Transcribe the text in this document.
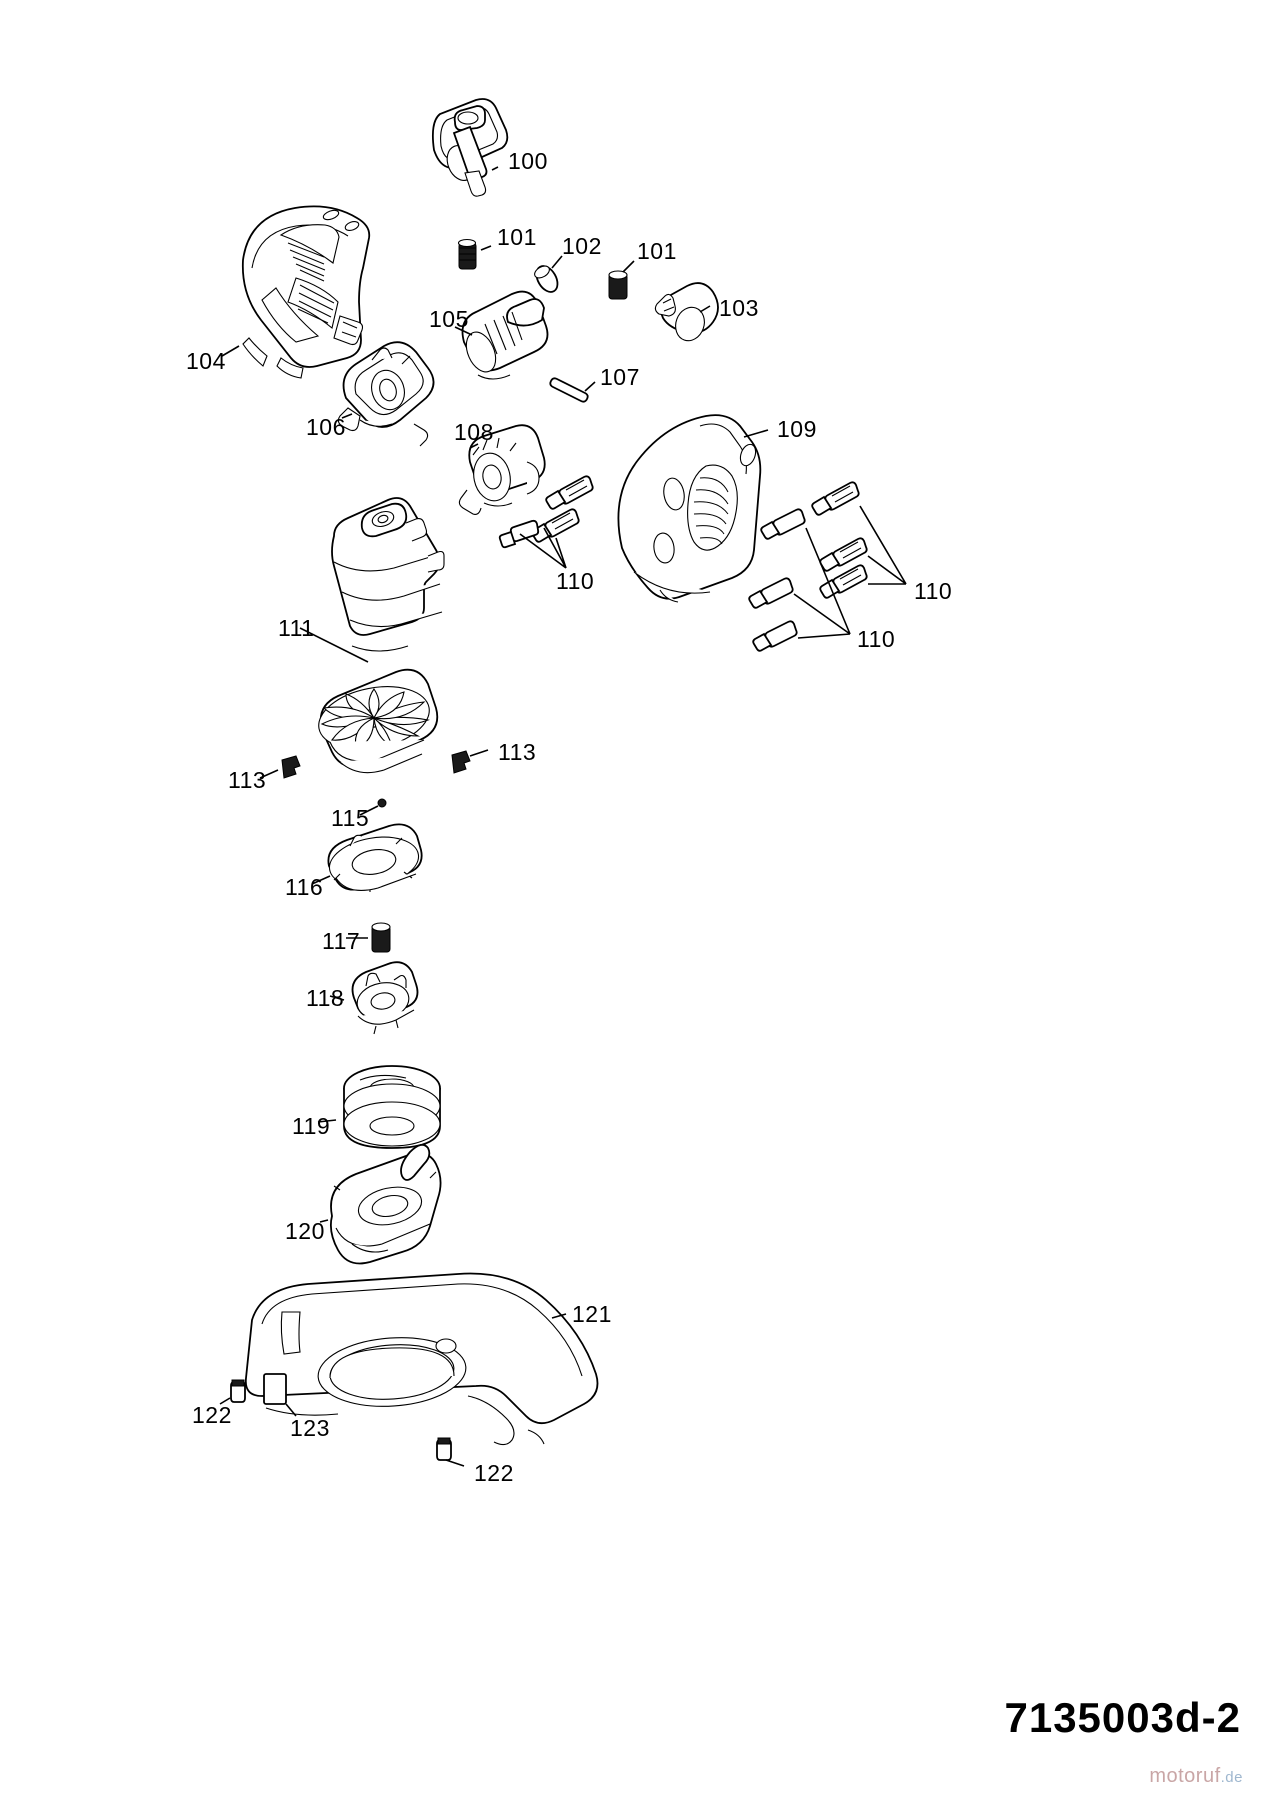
100
101 102 101
103
104
105
106
107
108	109
110	110
110
111
113
113
115
116
117
118
119
120
121
122	123
122
7135003d-2
motoruf.de
